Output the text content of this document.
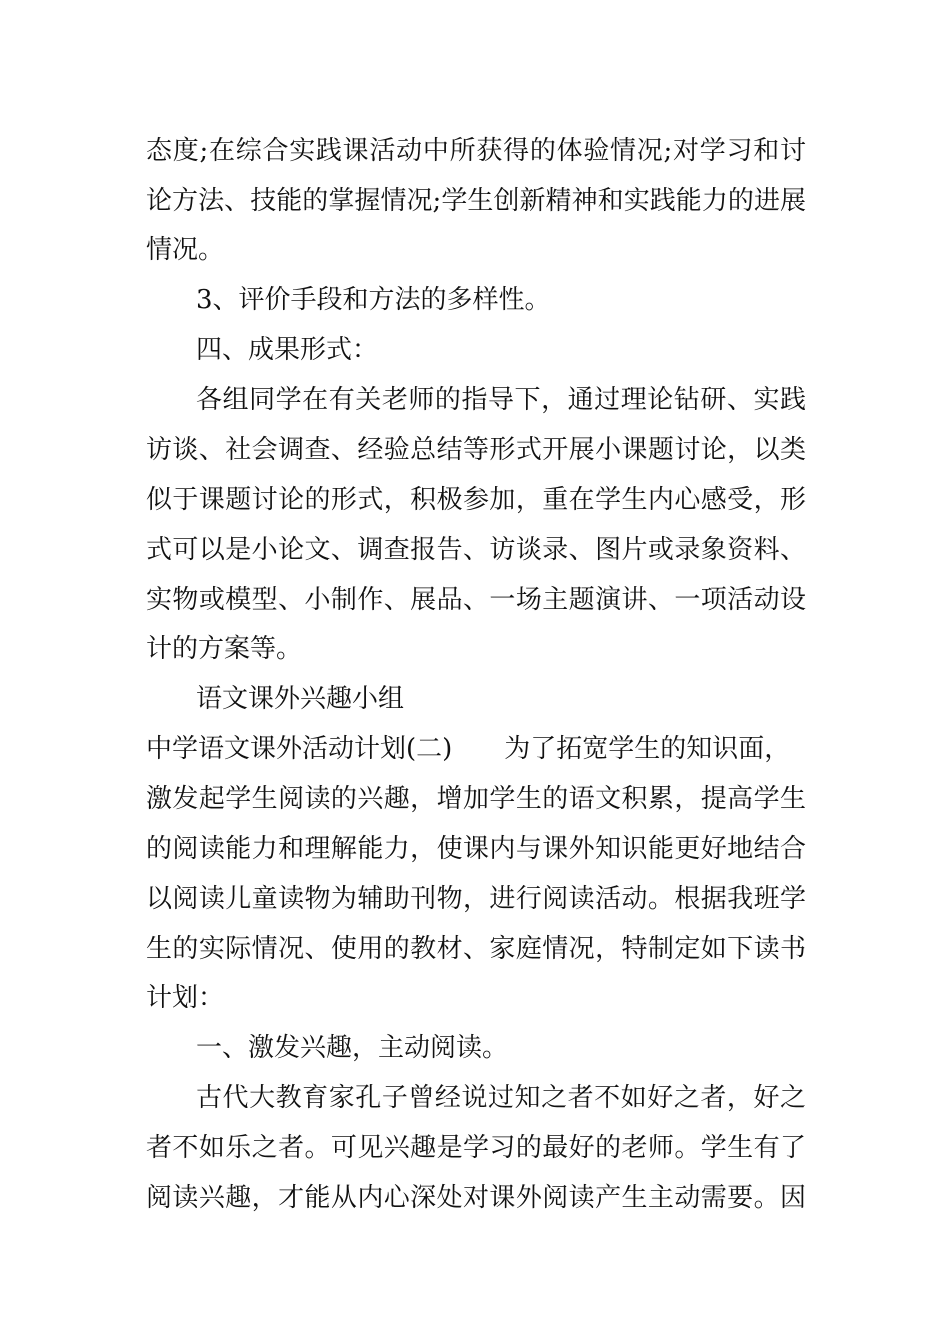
态度;在综合实践课活动中所获得的体验情况;对学习和讨
论方法、技能的掌握情况;学生创新精神和实践能力的进展
情况。
3、评价手段和方法的多样性。
四、成果形式：
各组同学在有关老师的指导下，通过理论钻研、实践
访谈、社会调查、经验总结等形式开展小课题讨论，以类
似于课题讨论的形式，积极参加，重在学生内心感受，形
式可以是小论文、调查报告、访谈录、图片或录象资料、
实物或模型、小制作、展品、一场主题演讲、一项活动设
计的方案等。
语文课外兴趣小组
中学语文课外活动计划(二) 为了拓宽学生的知识面，
激发起学生阅读的兴趣，增加学生的语文积累，提高学生
的阅读能力和理解能力，使课内与课外知识能更好地结合
以阅读儿童读物为辅助刊物，进行阅读活动。根据我班学
生的实际情况、使用的教材、家庭情况，特制定如下读书
计划：
一、激发兴趣，主动阅读。
古代大教育家孔子曾经说过知之者不如好之者，好之
者不如乐之者。可见兴趣是学习的最好的老师。学生有了
阅读兴趣，才能从内心深处对课外阅读产生主动需要。因
